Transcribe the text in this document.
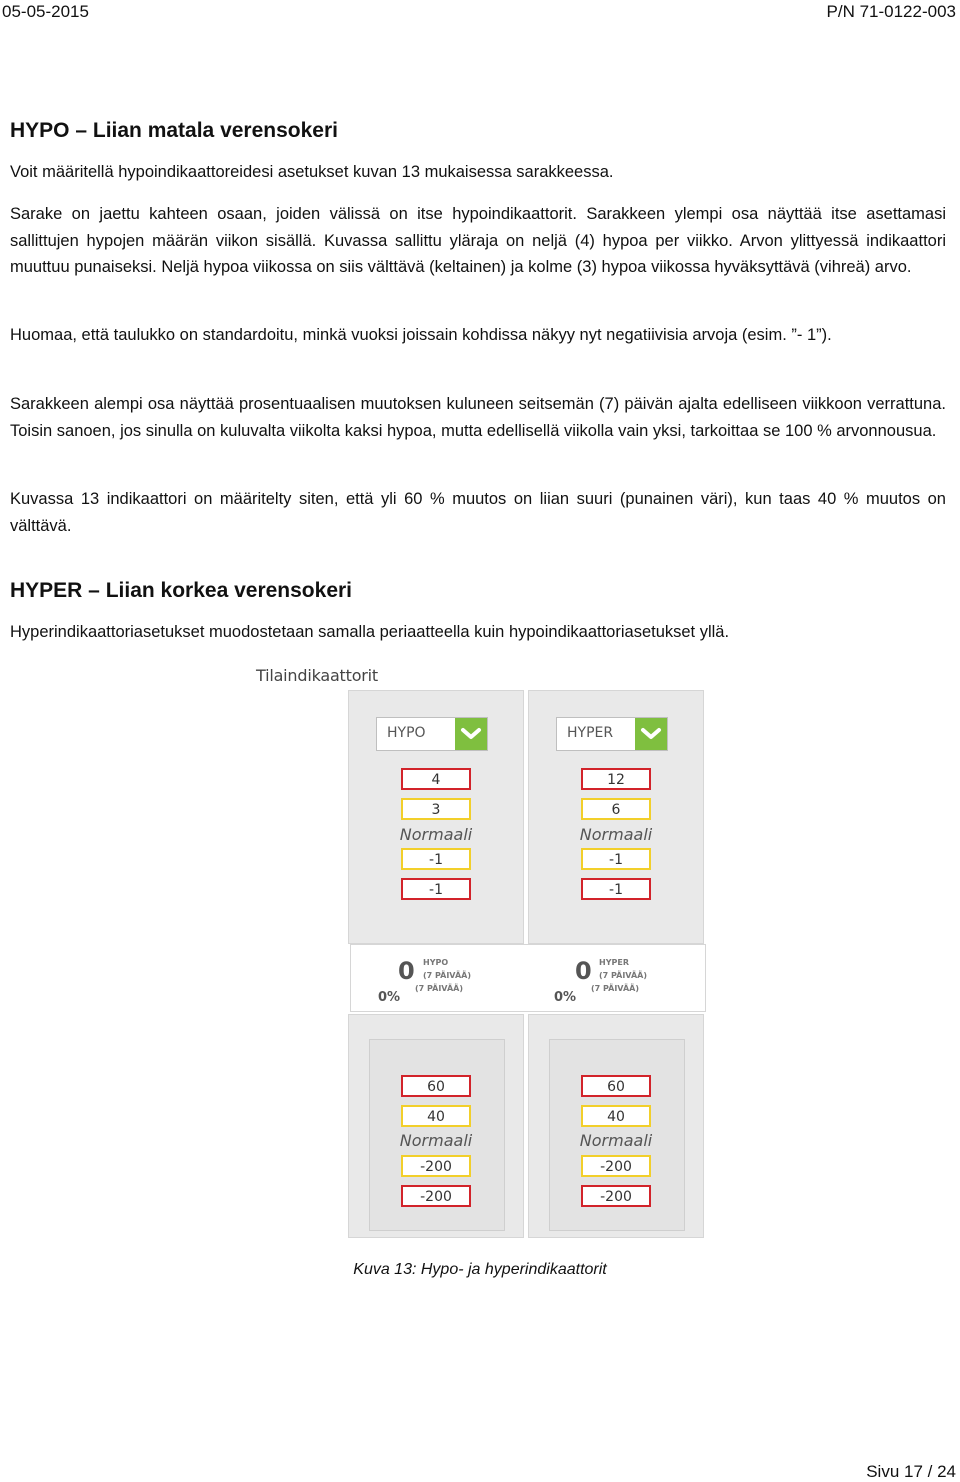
05-05-2015	P/N 71-0122-003
HYPO – Liian matala verensokeri

Voit määritellä hypoindikaattoreidesi asetukset kuvan 13 mukaisessa sarakkeessa.

Sarake on jaettu kahteen osaan, joiden välissä on itse hypoindikaattorit. Sarakkeen ylempi osa näyttää itse asettamasi sallittujen hypojen määrän viikon sisällä. Kuvassa sallittu yläraja on neljä (4) hypoa per viikko. Arvon ylittyessä indikaattori muuttuu punaiseksi. Neljä hypoa viikossa on siis välttävä (keltainen) ja kolme (3) hypoa viikossa hyväksyttävä (vihreä) arvo.

Huomaa, että taulukko on standardoitu, minkä vuoksi joissain kohdissa näkyy nyt negatiivisia arvoja (esim. ”- 1”).

Sarakkeen alempi osa näyttää prosentuaalisen muutoksen kuluneen seitsemän (7) päivän ajalta edelliseen viikkoon verrattuna. Toisin sanoen, jos sinulla on kuluvalta viikolta kaksi hypoa, mutta edellisellä viikolla vain yksi, tarkoittaa se 100 % arvonnousua.

Kuvassa 13 indikaattori on määritelty siten, että yli 60 % muutos on liian suuri (punainen väri), kun taas 40 % muutos on välttävä.

HYPER – Liian korkea verensokeri

Hyperindikaattoriasetukset muodostetaan samalla periaatteella kuin hypoindikaattoriasetukset yllä.

Tilaindikaattorit
HYPO
4
3
Normaali
-1
-1
HYPER
12
6
Normaali
-1
-1
0
0%
HYPO
(7 PÄIVÄÄ)
(7 PÄIVÄÄ)
0
0%
HYPER
(7 PÄIVÄÄ)
(7 PÄIVÄÄ)
60
40
Normaali
-200
-200
60
40
Normaali
-200
-200
Kuva 13: Hypo- ja hyperindikaattorit
Sivu 17 / 24
